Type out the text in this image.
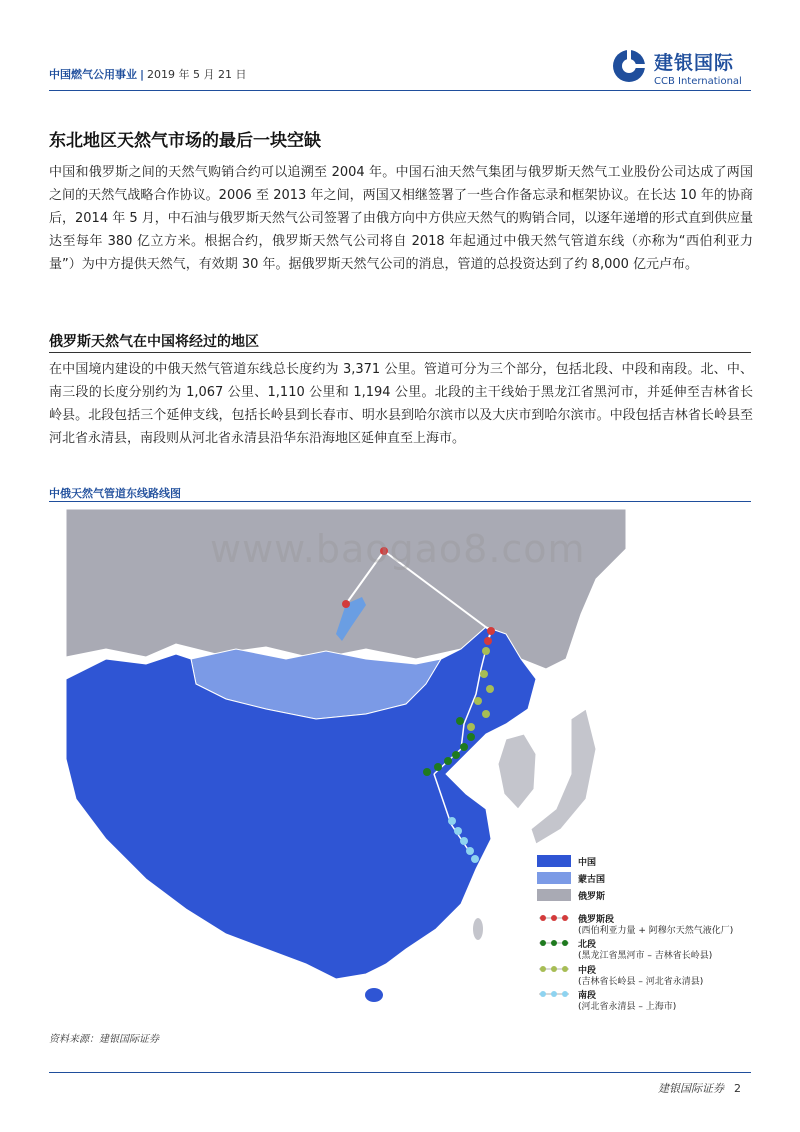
中国燃气公用事业 | 2019 年 5 月 21 日
建银国际
CCB International
东北地区天然气市场的最后一块空缺
中国和俄罗斯之间的天然气购销合约可以追溯至 2004 年。中国石油天然气集团与俄罗斯天然气工业股份公司达成了两国之间的天然气战略合作协议。2006 至 2013 年之间，两国又相继签署了一些合作备忘录和框架协议。在长达 10 年的协商后，2014 年 5 月，中石油与俄罗斯天然气公司签署了由俄方向中方供应天然气的购销合同，以逐年递增的形式直到供应量达至每年 380 亿立方米。根据合约，俄罗斯天然气公司将自 2018 年起通过中俄天然气管道东线（亦称为“西伯利亚力量”）为中方提供天然气，有效期 30 年。据俄罗斯天然气公司的消息，管道的总投资达到了约 8,000 亿元卢布。
俄罗斯天然气在中国将经过的地区
在中国境内建设的中俄天然气管道东线总长度约为 3,371 公里。管道可分为三个部分，包括北段、中段和南段。北、中、南三段的长度分别约为 1,067 公里、1,110 公里和 1,194 公里。北段的主干线始于黑龙江省黑河市，并延伸至吉林省长岭县。北段包括三个延伸支线，包括长岭县到长春市、明水县到哈尔滨市以及大庆市到哈尔滨市。中段包括吉林省长岭县至河北省永清县，南段则从河北省永清县沿华东沿海地区延伸直至上海市。
中俄天然气管道东线路线图
www.baogao8.com
中国
蒙古国
俄罗斯
俄罗斯段
(西伯利亚力量 + 阿穆尔天然气液化厂)
北段
(黑龙江省黑河市 – 吉林省长岭县)
中段
(吉林省长岭县 – 河北省永清县)
南段
(河北省永清县 – 上海市)
资料来源：建银国际证券
建银国际证券 2
